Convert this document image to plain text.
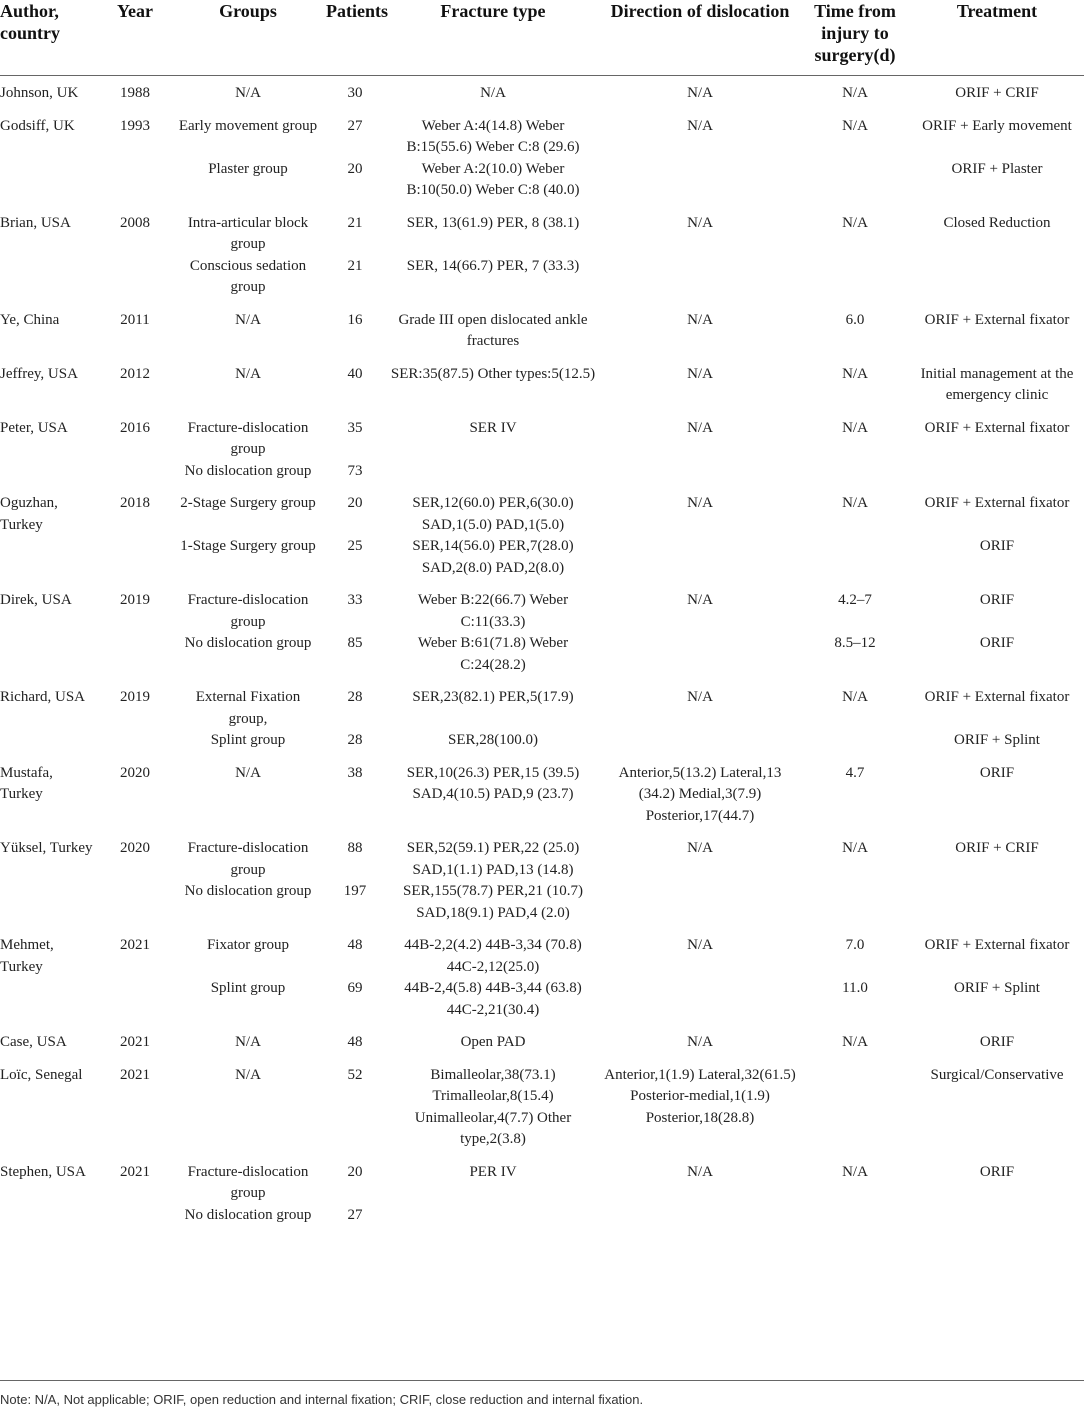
Author, country	Year	Groups	Patients	Fracture type	Direction of dislocation	Time from injury to surgery(d)	Treatment
Johnson, UK	1988	N/A	30	N/A	N/A	N/A	ORIF + CRIF
Godsiff, UK	1993	Early movement group	27	Weber A:4(14.8) Weber B:15(55.6) Weber C:8 (29.6)	N/A	N/A	ORIF + Early movement
		Plaster group	20	Weber A:2(10.0) Weber B:10(50.0) Weber C:8 (40.0)			ORIF + Plaster
Brian, USA	2008	Intra-articular block group	21	SER, 13(61.9) PER, 8 (38.1)	N/A	N/A	Closed Reduction
		Conscious sedation group	21	SER, 14(66.7) PER, 7 (33.3)			
Ye, China	2011	N/A	16	Grade III open dislocated ankle fractures	N/A	6.0	ORIF + External fixator
Jeffrey, USA	2012	N/A	40	SER:35(87.5) Other types:5(12.5)	N/A	N/A	Initial management at the emergency clinic
Peter, USA	2016	Fracture-dislocation group	35	SER IV	N/A	N/A	ORIF + External fixator
		No dislocation group	73				
Oguzhan, Turkey	2018	2-Stage Surgery group	20	SER,12(60.0) PER,6(30.0) SAD,1(5.0) PAD,1(5.0)	N/A	N/A	ORIF + External fixator
		1-Stage Surgery group	25	SER,14(56.0) PER,7(28.0) SAD,2(8.0) PAD,2(8.0)			ORIF
Direk, USA	2019	Fracture-dislocation group	33	Weber B:22(66.7) Weber C:11(33.3)	N/A	4.2–7	ORIF
		No dislocation group	85	Weber B:61(71.8) Weber C:24(28.2)		8.5–12	ORIF
Richard, USA	2019	External Fixation group,	28	SER,23(82.1) PER,5(17.9)	N/A	N/A	ORIF + External fixator
		Splint group	28	SER,28(100.0)			ORIF + Splint
Mustafa, Turkey	2020	N/A	38	SER,10(26.3) PER,15 (39.5) SAD,4(10.5) PAD,9 (23.7)	Anterior,5(13.2) Lateral,13 (34.2) Medial,3(7.9) Posterior,17(44.7)	4.7	ORIF
Yüksel, Turkey	2020	Fracture-dislocation group	88	SER,52(59.1) PER,22 (25.0) SAD,1(1.1) PAD,13 (14.8)	N/A	N/A	ORIF + CRIF
		No dislocation group	197	SER,155(78.7) PER,21 (10.7) SAD,18(9.1) PAD,4 (2.0)			
Mehmet, Turkey	2021	Fixator group	48	44B-2,2(4.2) 44B-3,34 (70.8) 44C-2,12(25.0)	N/A	7.0	ORIF + External fixator
		Splint group	69	44B-2,4(5.8) 44B-3,44 (63.8) 44C-2,21(30.4)		11.0	ORIF + Splint
Case, USA	2021	N/A	48	Open PAD	N/A	N/A	ORIF
Loïc, Senegal	2021	N/A	52	Bimalleolar,38(73.1) Trimalleolar,8(15.4) Unimalleolar,4(7.7) Other type,2(3.8)	Anterior,1(1.9) Lateral,32(61.5) Posterior-medial,1(1.9) Posterior,18(28.8)		Surgical/Conservative
Stephen, USA	2021	Fracture-dislocation group	20	PER IV	N/A	N/A	ORIF
		No dislocation group	27				
Note: N/A, Not applicable; ORIF, open reduction and internal fixation; CRIF, close reduction and internal fixation.
